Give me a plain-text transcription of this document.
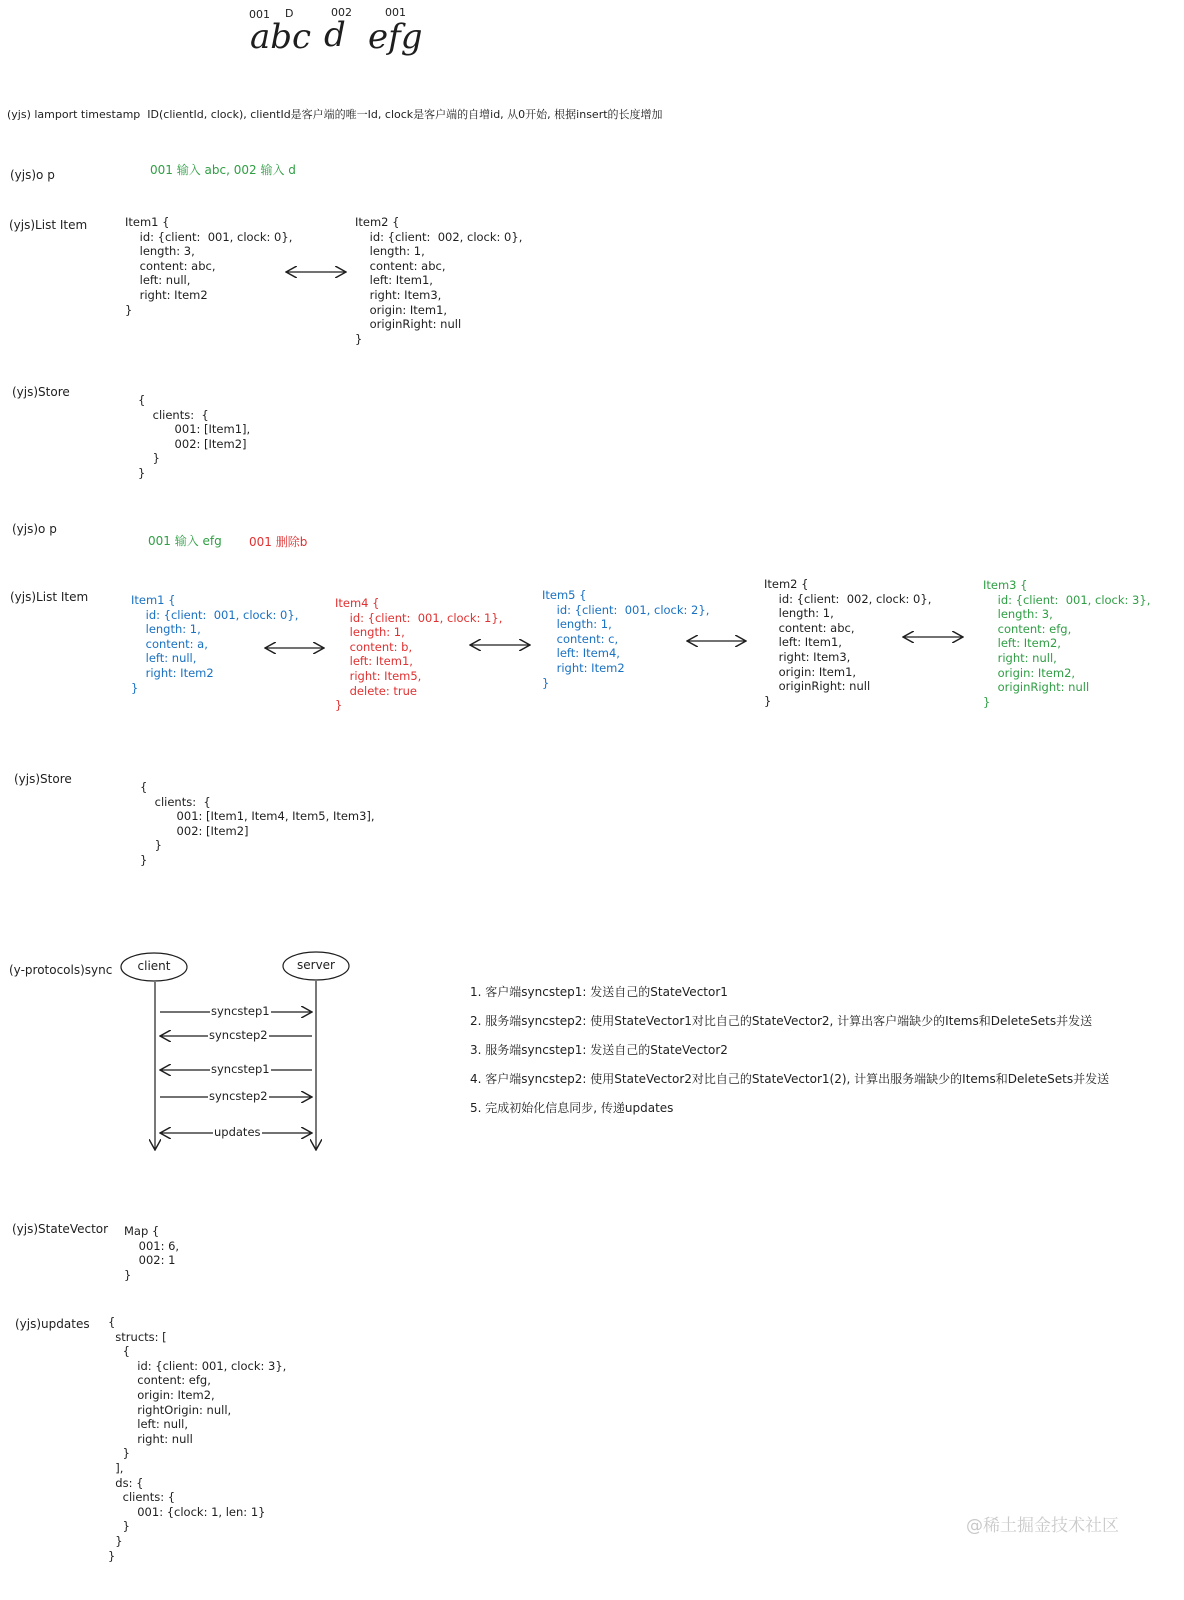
001 D	002	001
abc d efg
(yjs) lamport timestamp  ID(clientId, clock), clientId是客户端的唯一Id, clock是客户端的自增id, 从0开始, 根据insert的长度增加
(yjs)o p	001 输入 abc, 002 输入 d
(yjs)List Item	Item1 {
id: {client:  001, clock: 0},
length: 3,
content: abc,
left: null,
right: Item2
}
Item2 {
id: {client:  002, clock: 0},
length: 1,
content: abc,
left: Item1,
right: Item3,
origin: Item1,
originRight: null
}
(yjs)Store
{
clients:  {
001: [Item1],
002: [Item2]
}
}
(yjs)o p
001 输入 efg 001 删除b
(yjs)List Item	Item1 {
id: {client:  001, clock: 0},
length: 1,
content: a,
left: null,
right: Item2
}
Item4 {
id: {client:  001, clock: 1},
length: 1,
content: b,
left: Item1,
right: Item5,
delete: true
}
Item5 {
id: {client:  001, clock: 2},
length: 1,
content: c,
left: Item4,
right: Item2
}
Item2 {
id: {client:  002, clock: 0},
length: 1,
content: abc,
left: Item1,
right: Item3,
origin: Item1,
originRight: null
}
Item3 {
id: {client:  001, clock: 3},
length: 3,
content: efg,
left: Item2,
right: null,
origin: Item2,
originRight: null
}
(yjs)Store
{
clients:  {
001: [Item1, Item4, Item5, Item3],
002: [Item2]
}
}
(y-protocols)sync	client	server
syncstep1
syncstep2
syncstep1
syncstep2
updates
1. 客户端syncstep1: 发送自己的StateVector1
2. 服务端syncstep2: 使用StateVector1对比自己的StateVector2, 计算出客户端缺少的Items和DeleteSets并发送
3. 服务端syncstep1: 发送自己的StateVector2
4. 客户端syncstep2: 使用StateVector2对比自己的StateVector1(2), 计算出服务端缺少的Items和DeleteSets并发送
5. 完成初始化信息同步, 传递updates
(yjs)StateVector Map {
001: 6,
002: 1
}
(yjs)updates {
structs: [
{
id: {client: 001, clock: 3},
content: efg,
origin: Item2,
rightOrigin: null,
left: null,
right: null
}
],
ds: {
clients: {
001: {clock: 1, len: 1}
}
}
}
@稀土掘金技术社区
